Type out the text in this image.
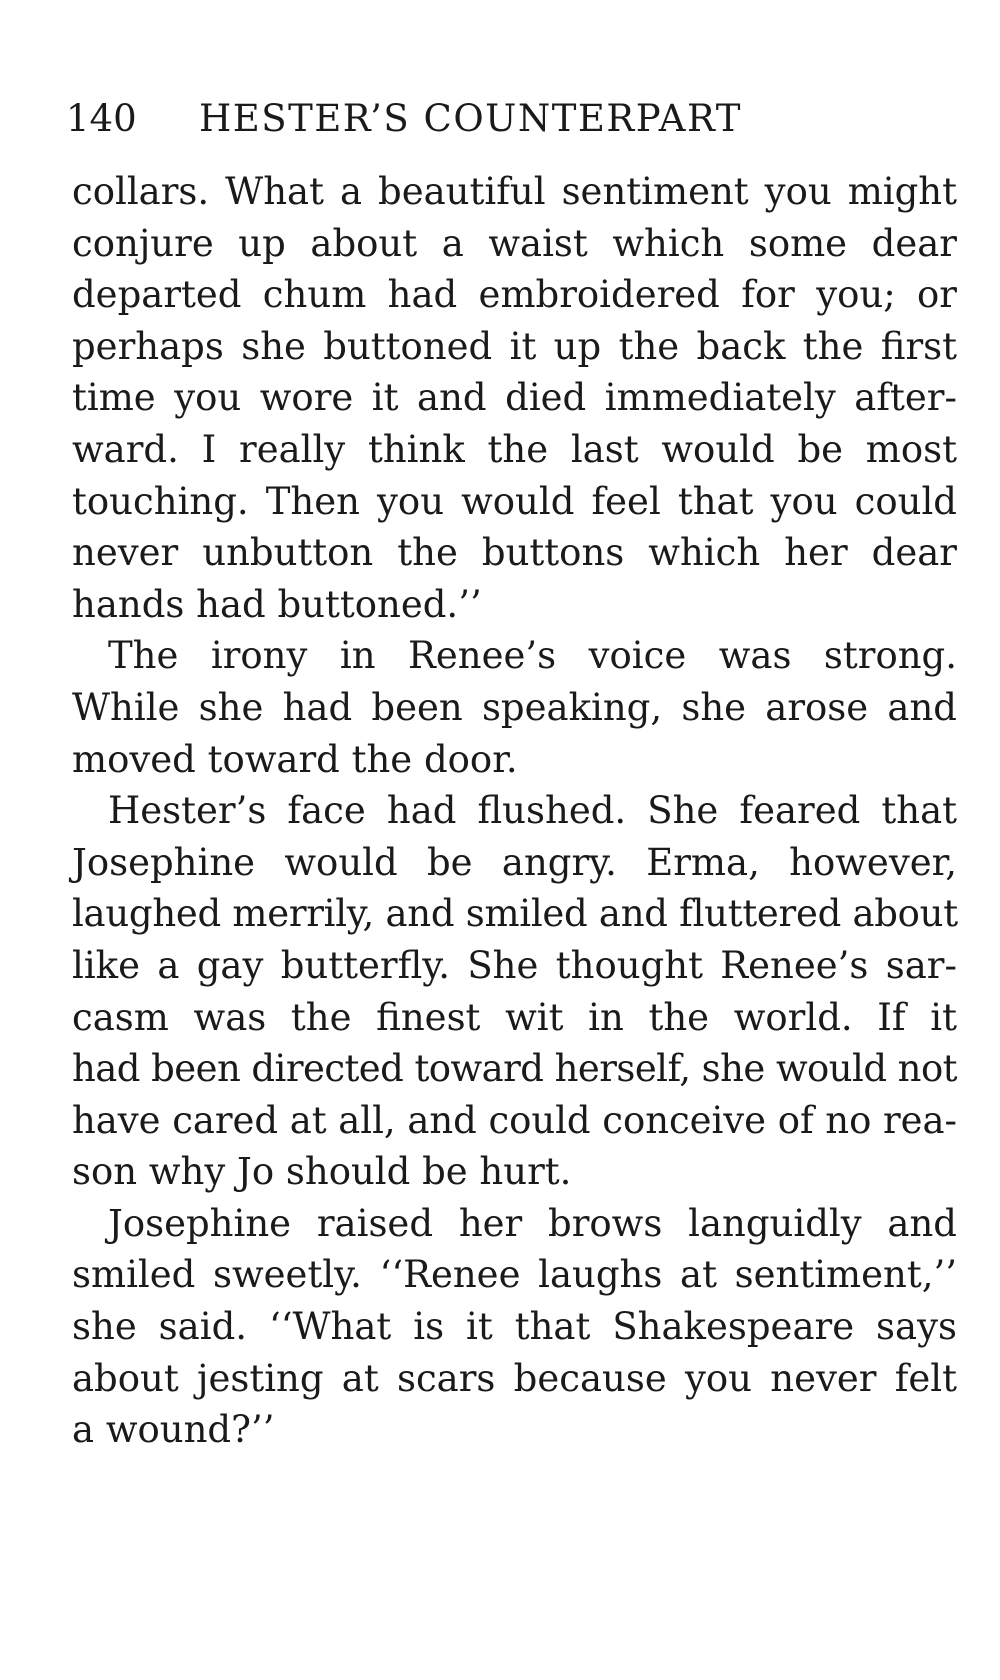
140 HESTER’S COUNTERPART
collars. What a beautiful sentiment you might
conjure up about a waist which some dear
departed chum had embroidered for you; or
perhaps she buttoned it up the back the first
time you wore it and died immediately after-
ward. I really think the last would be most
touching. Then you would feel that you could
never unbutton the buttons which her dear
hands had buttoned.’’
The irony in Renee’s voice was strong.
While she had been speaking, she arose and
moved toward the door.
Hester’s face had flushed. She feared that
Josephine would be angry. Erma, however,
laughed merrily, and smiled and fluttered about
like a gay butterfly. She thought Renee’s sar-
casm was the finest wit in the world. If it
had been directed toward herself, she would not
have cared at all, and could conceive of no rea-
son why Jo should be hurt.
Josephine raised her brows languidly and
smiled sweetly. ‘‘Renee laughs at sentiment,’’
she said. ‘‘What is it that Shakespeare says
about jesting at scars because you never felt
a wound?’’
